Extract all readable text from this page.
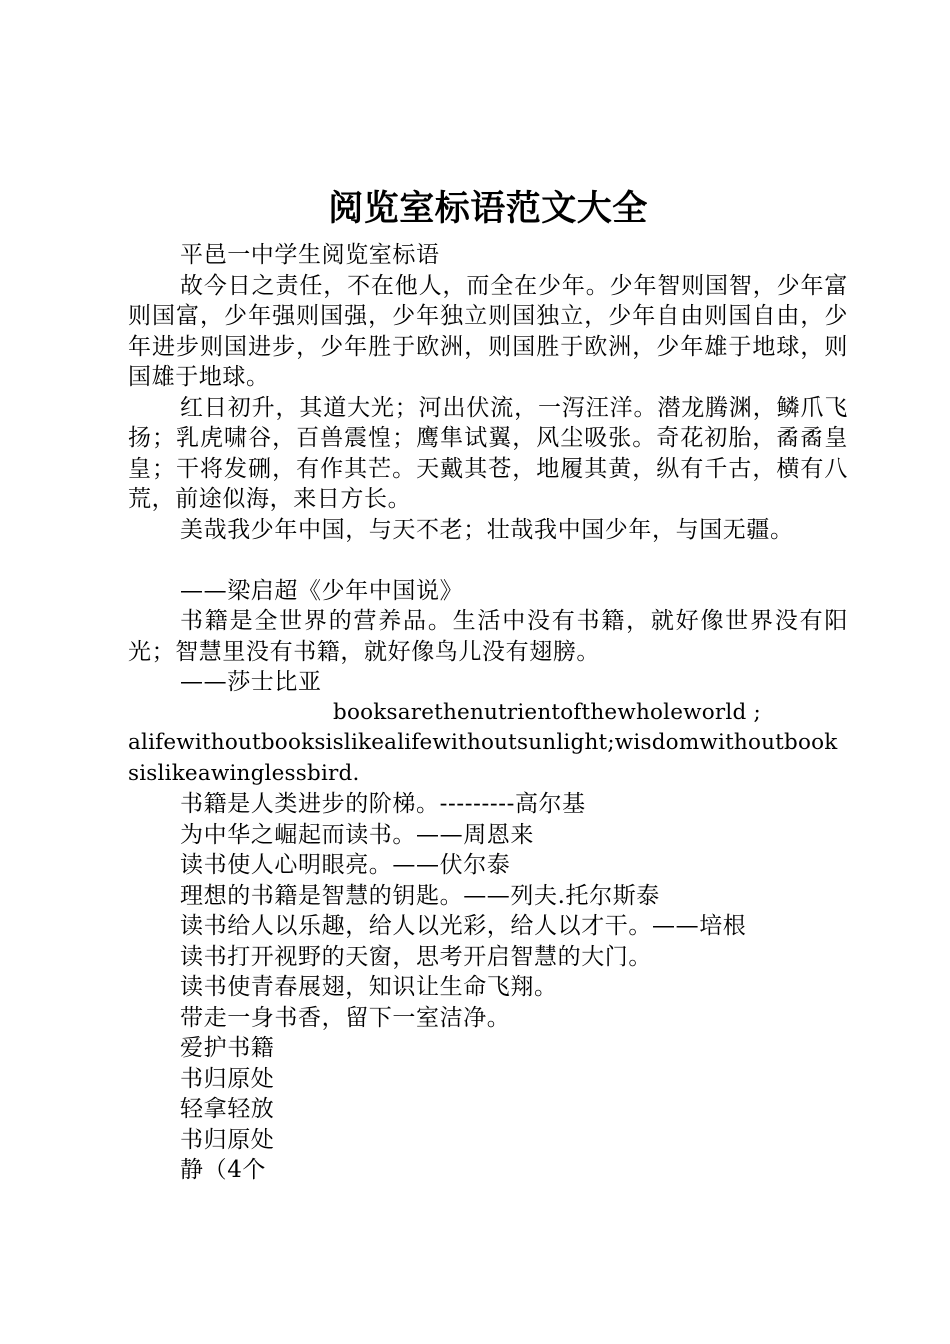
阅览室标语范文大全

平邑一中学生阅览室标语

故今日之责任，不在他人，而全在少年。少年智则国智，少年富则国富，少年强则国强，少年独立则国独立，少年自由则国自由，少年进步则国进步，少年胜于欧洲，则国胜于欧洲，少年雄于地球，则国雄于地球。

红日初升，其道大光；河出伏流，一泻汪洋。潜龙腾渊，鳞爪飞扬；乳虎啸谷，百兽震惶；鹰隼试翼，风尘吸张。奇花初胎，矞矞皇皇；干将发硎，有作其芒。天戴其苍，地履其黄，纵有千古，横有八荒，前途似海，来日方长。

美哉我少年中国，与天不老；壮哉我中国少年，与国无疆。

——梁启超《少年中国说》

书籍是全世界的营养品。生活中没有书籍，就好像世界没有阳光；智慧里没有书籍，就好像鸟儿没有翅膀。

——莎士比亚

booksarethenutrientofthewholeworld ;

alifewithoutbooksislikealifewithoutsunlight;wisdomwithoutbooksislikeawinglessbird.

书籍是人类进步的阶梯。---------高尔基

为中华之崛起而读书。——周恩来

读书使人心明眼亮。——伏尔泰

理想的书籍是智慧的钥匙。——列夫.托尔斯泰

读书给人以乐趣，给人以光彩，给人以才干。——培根

读书打开视野的天窗，思考开启智慧的大门。

读书使青春展翅，知识让生命飞翔。

带走一身书香，留下一室洁净。

爱护书籍

书归原处

轻拿轻放

书归原处

静（4个
